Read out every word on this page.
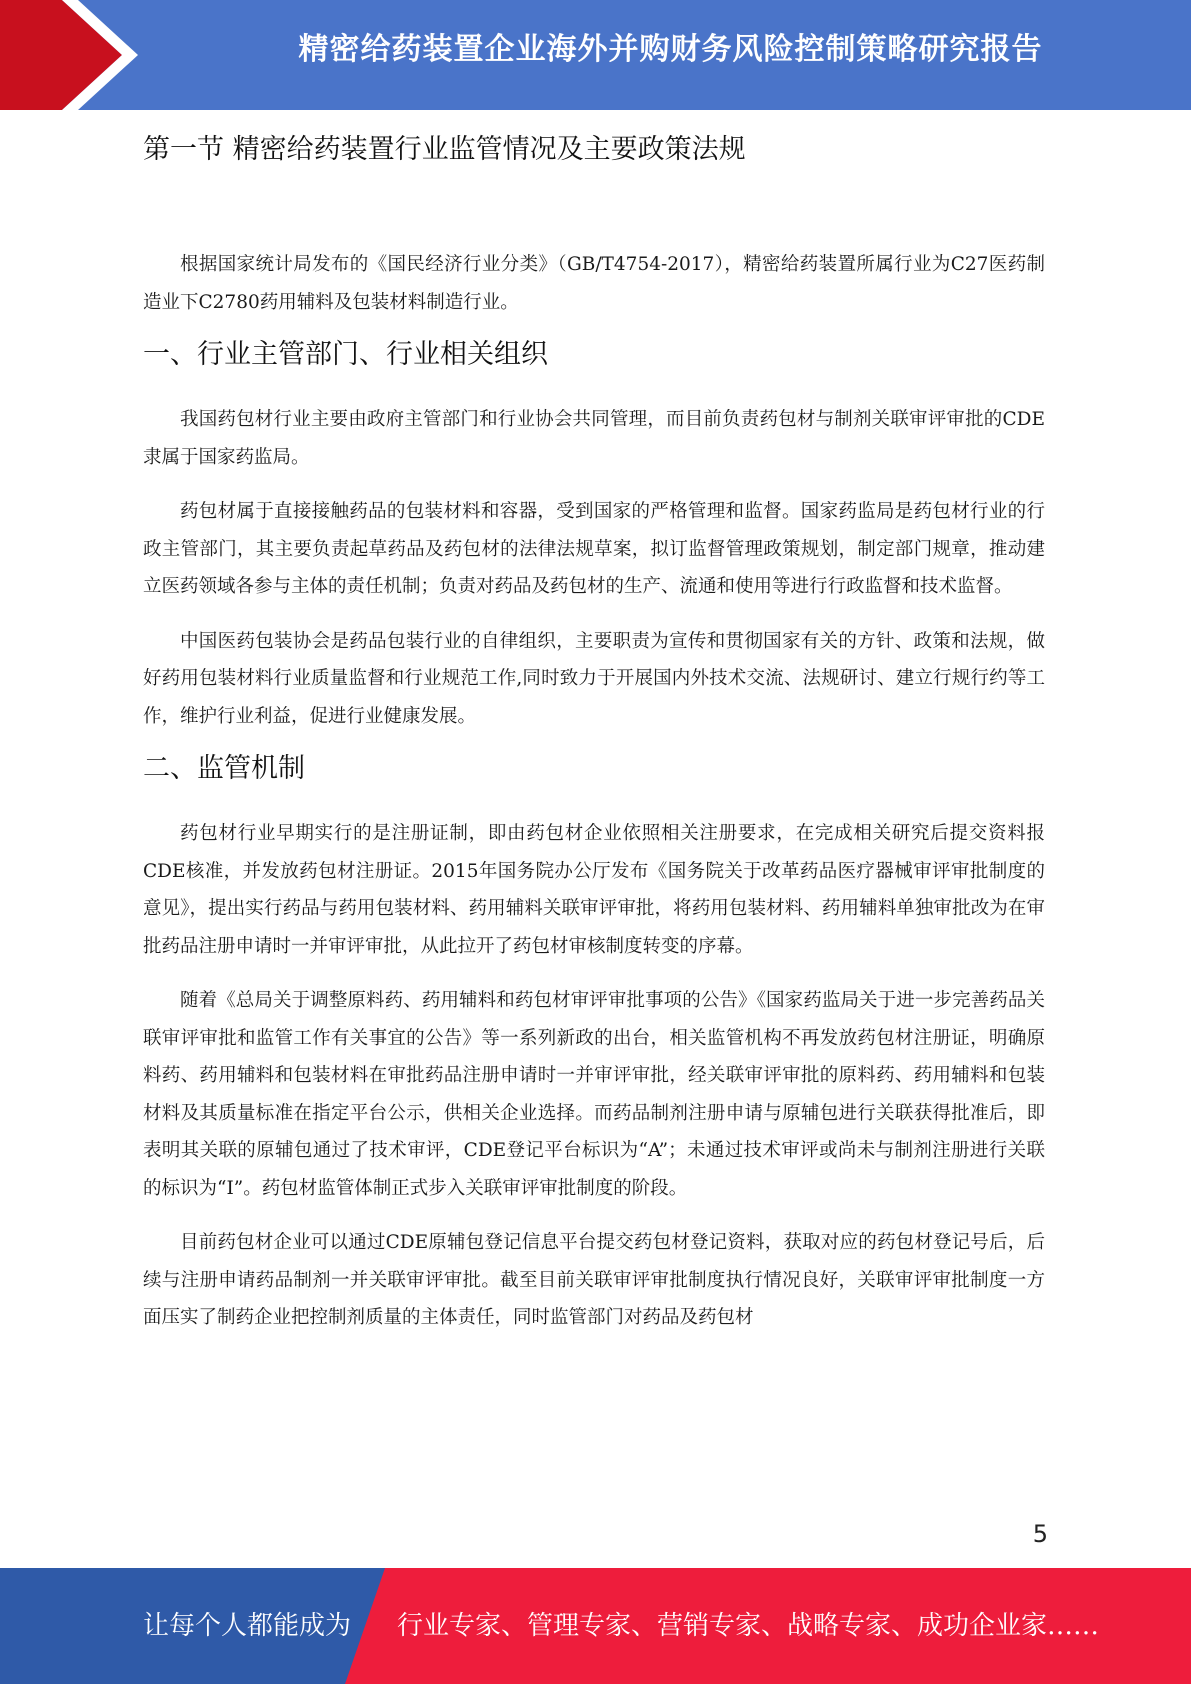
精密给药装置企业海外并购财务风险控制策略研究报告
第一节 精密给药装置行业监管情况及主要政策法规

根据国家统计局发布的《国民经济行业分类》（GB/T4754-2017），精密给药装置所属行业为C27医药制造业下C2780药用辅料及包装材料制造行业。

一、行业主管部门、行业相关组织

我国药包材行业主要由政府主管部门和行业协会共同管理，而目前负责药包材与制剂关联审评审批的CDE隶属于国家药监局。

药包材属于直接接触药品的包装材料和容器，受到国家的严格管理和监督。国家药监局是药包材行业的行政主管部门，其主要负责起草药品及药包材的法律法规草案，拟订监督管理政策规划，制定部门规章，推动建立医药领域各参与主体的责任机制；负责对药品及药包材的生产、流通和使用等进行行政监督和技术监督。

中国医药包装协会是药品包装行业的自律组织，主要职责为宣传和贯彻国家有关的方针、政策和法规，做好药用包装材料行业质量监督和行业规范工作,同时致力于开展国内外技术交流、法规研讨、建立行规行约等工作，维护行业利益，促进行业健康发展。

二、监管机制

药包材行业早期实行的是注册证制，即由药包材企业依照相关注册要求，在完成相关研究后提交资料报CDE核准，并发放药包材注册证。2015年国务院办公厅发布《国务院关于改革药品医疗器械审评审批制度的意见》，提出实行药品与药用包装材料、药用辅料关联审评审批，将药用包装材料、药用辅料单独审批改为在审批药品注册申请时一并审评审批，从此拉开了药包材审核制度转变的序幕。

随着《总局关于调整原料药、药用辅料和药包材审评审批事项的公告》《国家药监局关于进一步完善药品关联审评审批和监管工作有关事宜的公告》等一系列新政的出台，相关监管机构不再发放药包材注册证，明确原料药、药用辅料和包装材料在审批药品注册申请时一并审评审批，经关联审评审批的原料药、药用辅料和包装材料及其质量标准在指定平台公示，供相关企业选择。而药品制剂注册申请与原辅包进行关联获得批准后，即表明其关联的原辅包通过了技术审评，CDE登记平台标识为“A”；未通过技术审评或尚未与制剂注册进行关联的标识为“I”。药包材监管体制正式步入关联审评审批制度的阶段。

目前药包材企业可以通过CDE原辅包登记信息平台提交药包材登记资料，获取对应的药包材登记号后，后续与注册申请药品制剂一并关联审评审批。截至目前关联审评审批制度执行情况良好，关联审评审批制度一方面压实了制药企业把控制剂质量的主体责任，同时监管部门对药品及药包材

5
让每个人都能成为 行业专家、管理专家、营销专家、战略专家、成功企业家……
